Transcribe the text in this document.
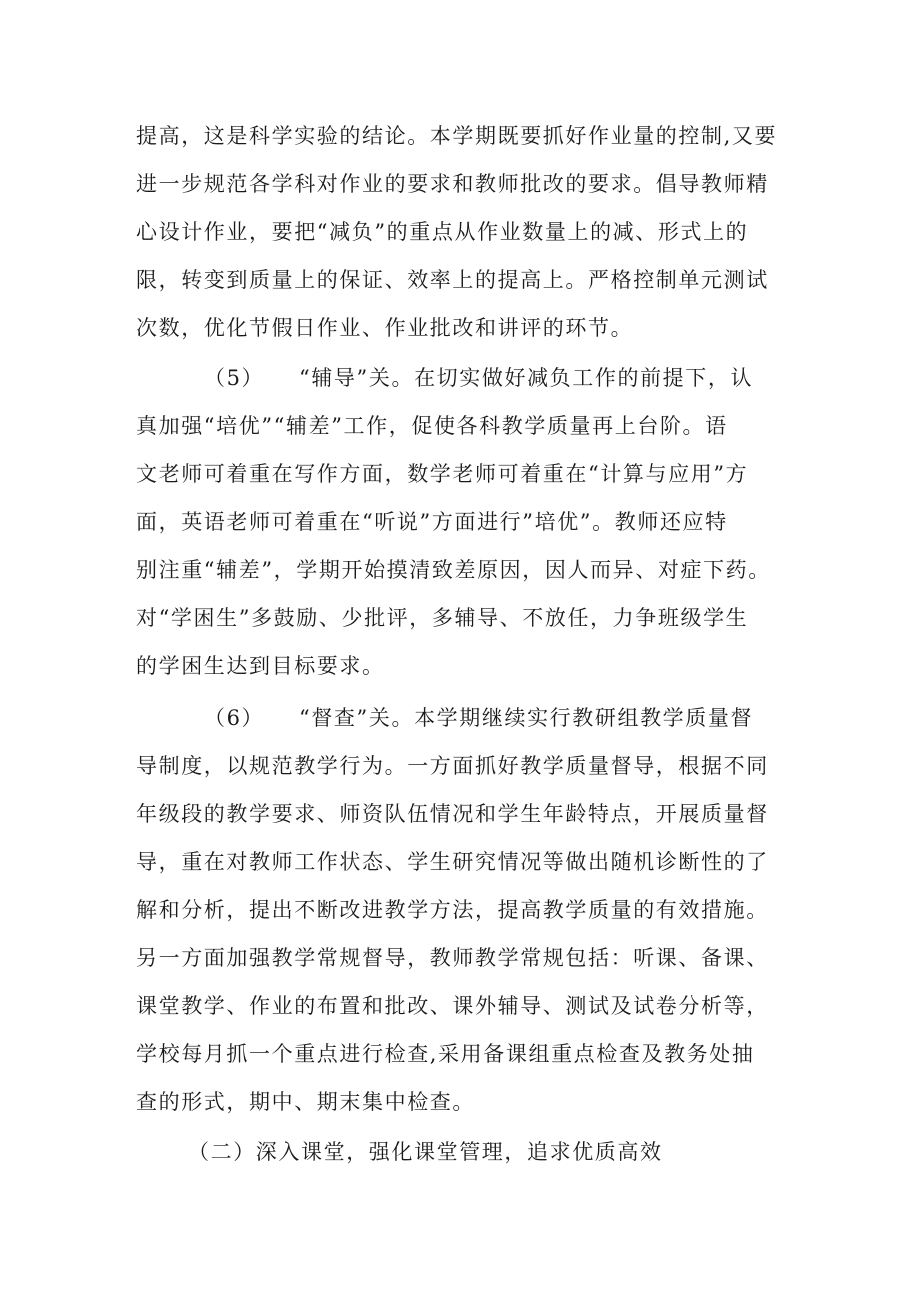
提高，这是科学实验的结论。本学期既要抓好作业量的控制,又要
进一步规范各学科对作业的要求和教师批改的要求。倡导教师精
心设计作业，要把“减负”的重点从作业数量上的减、形式上的
限，转变到质量上的保证、效率上的提高上。严格控制单元测试
次数，优化节假日作业、作业批改和讲评的环节。
（5） “辅导”关。在切实做好减负工作的前提下，认
真加强“培优”“辅差”工作，促使各科教学质量再上台阶。语
文老师可着重在写作方面，数学老师可着重在“计算与应用”方
面，英语老师可着重在“听说”方面进行”培优”。教师还应特
别注重“辅差”，学期开始摸清致差原因，因人而异、对症下药。
对“学困生”多鼓励、少批评，多辅导、不放任，力争班级学生
的学困生达到目标要求。
（6） “督查”关。本学期继续实行教研组教学质量督
导制度，以规范教学行为。一方面抓好教学质量督导，根据不同
年级段的教学要求、师资队伍情况和学生年龄特点，开展质量督
导，重在对教师工作状态、学生研究情况等做出随机诊断性的了
解和分析，提出不断改进教学方法，提高教学质量的有效措施。
另一方面加强教学常规督导，教师教学常规包括：听课、备课、
课堂教学、作业的布置和批改、课外辅导、测试及试卷分析等，
学校每月抓一个重点进行检查,采用备课组重点检查及教务处抽
查的形式，期中、期末集中检查。
（二）深入课堂，强化课堂管理，追求优质高效
